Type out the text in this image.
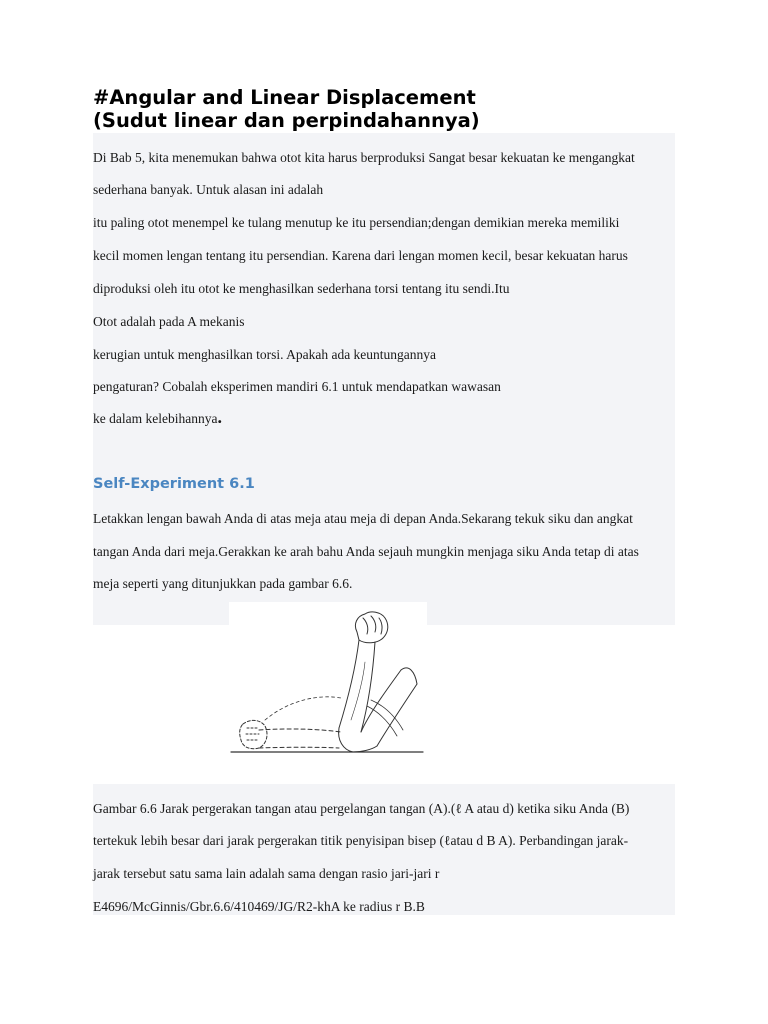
#Angular and Linear Displacement
(Sudut linear dan perpindahannya)
Di Bab 5, kita menemukan bahwa otot kita harus berproduksi Sangat besar kekuatan ke mengangkat
sederhana banyak. Untuk alasan ini adalah
itu paling otot menempel ke tulang menutup ke itu persendian;dengan demikian mereka memiliki
kecil momen lengan tentang itu persendian. Karena dari lengan momen kecil, besar kekuatan harus
diproduksi oleh itu otot ke menghasilkan sederhana torsi tentang itu sendi.Itu
Otot adalah pada A mekanis
kerugian untuk menghasilkan torsi. Apakah ada keuntungannya
pengaturan? Cobalah eksperimen mandiri 6.1 untuk mendapatkan wawasan
ke dalam kelebihannya.
Self-Experiment 6.1
Letakkan lengan bawah Anda di atas meja atau meja di depan Anda.Sekarang tekuk siku dan angkat
tangan Anda dari meja.Gerakkan ke arah bahu Anda sejauh mungkin menjaga siku Anda tetap di atas
meja seperti yang ditunjukkan pada gambar 6.6.
Gambar 6.6 Jarak pergerakan tangan atau pergelangan tangan (A).(ℓ A atau d) ketika siku Anda (B)
tertekuk lebih besar dari jarak pergerakan titik penyisipan bisep (ℓatau d B A). Perbandingan jarak-
jarak tersebut satu sama lain adalah sama dengan rasio jari-jari r
E4696/McGinnis/Gbr.6.6/410469/JG/R2-khA ke radius r B.B
